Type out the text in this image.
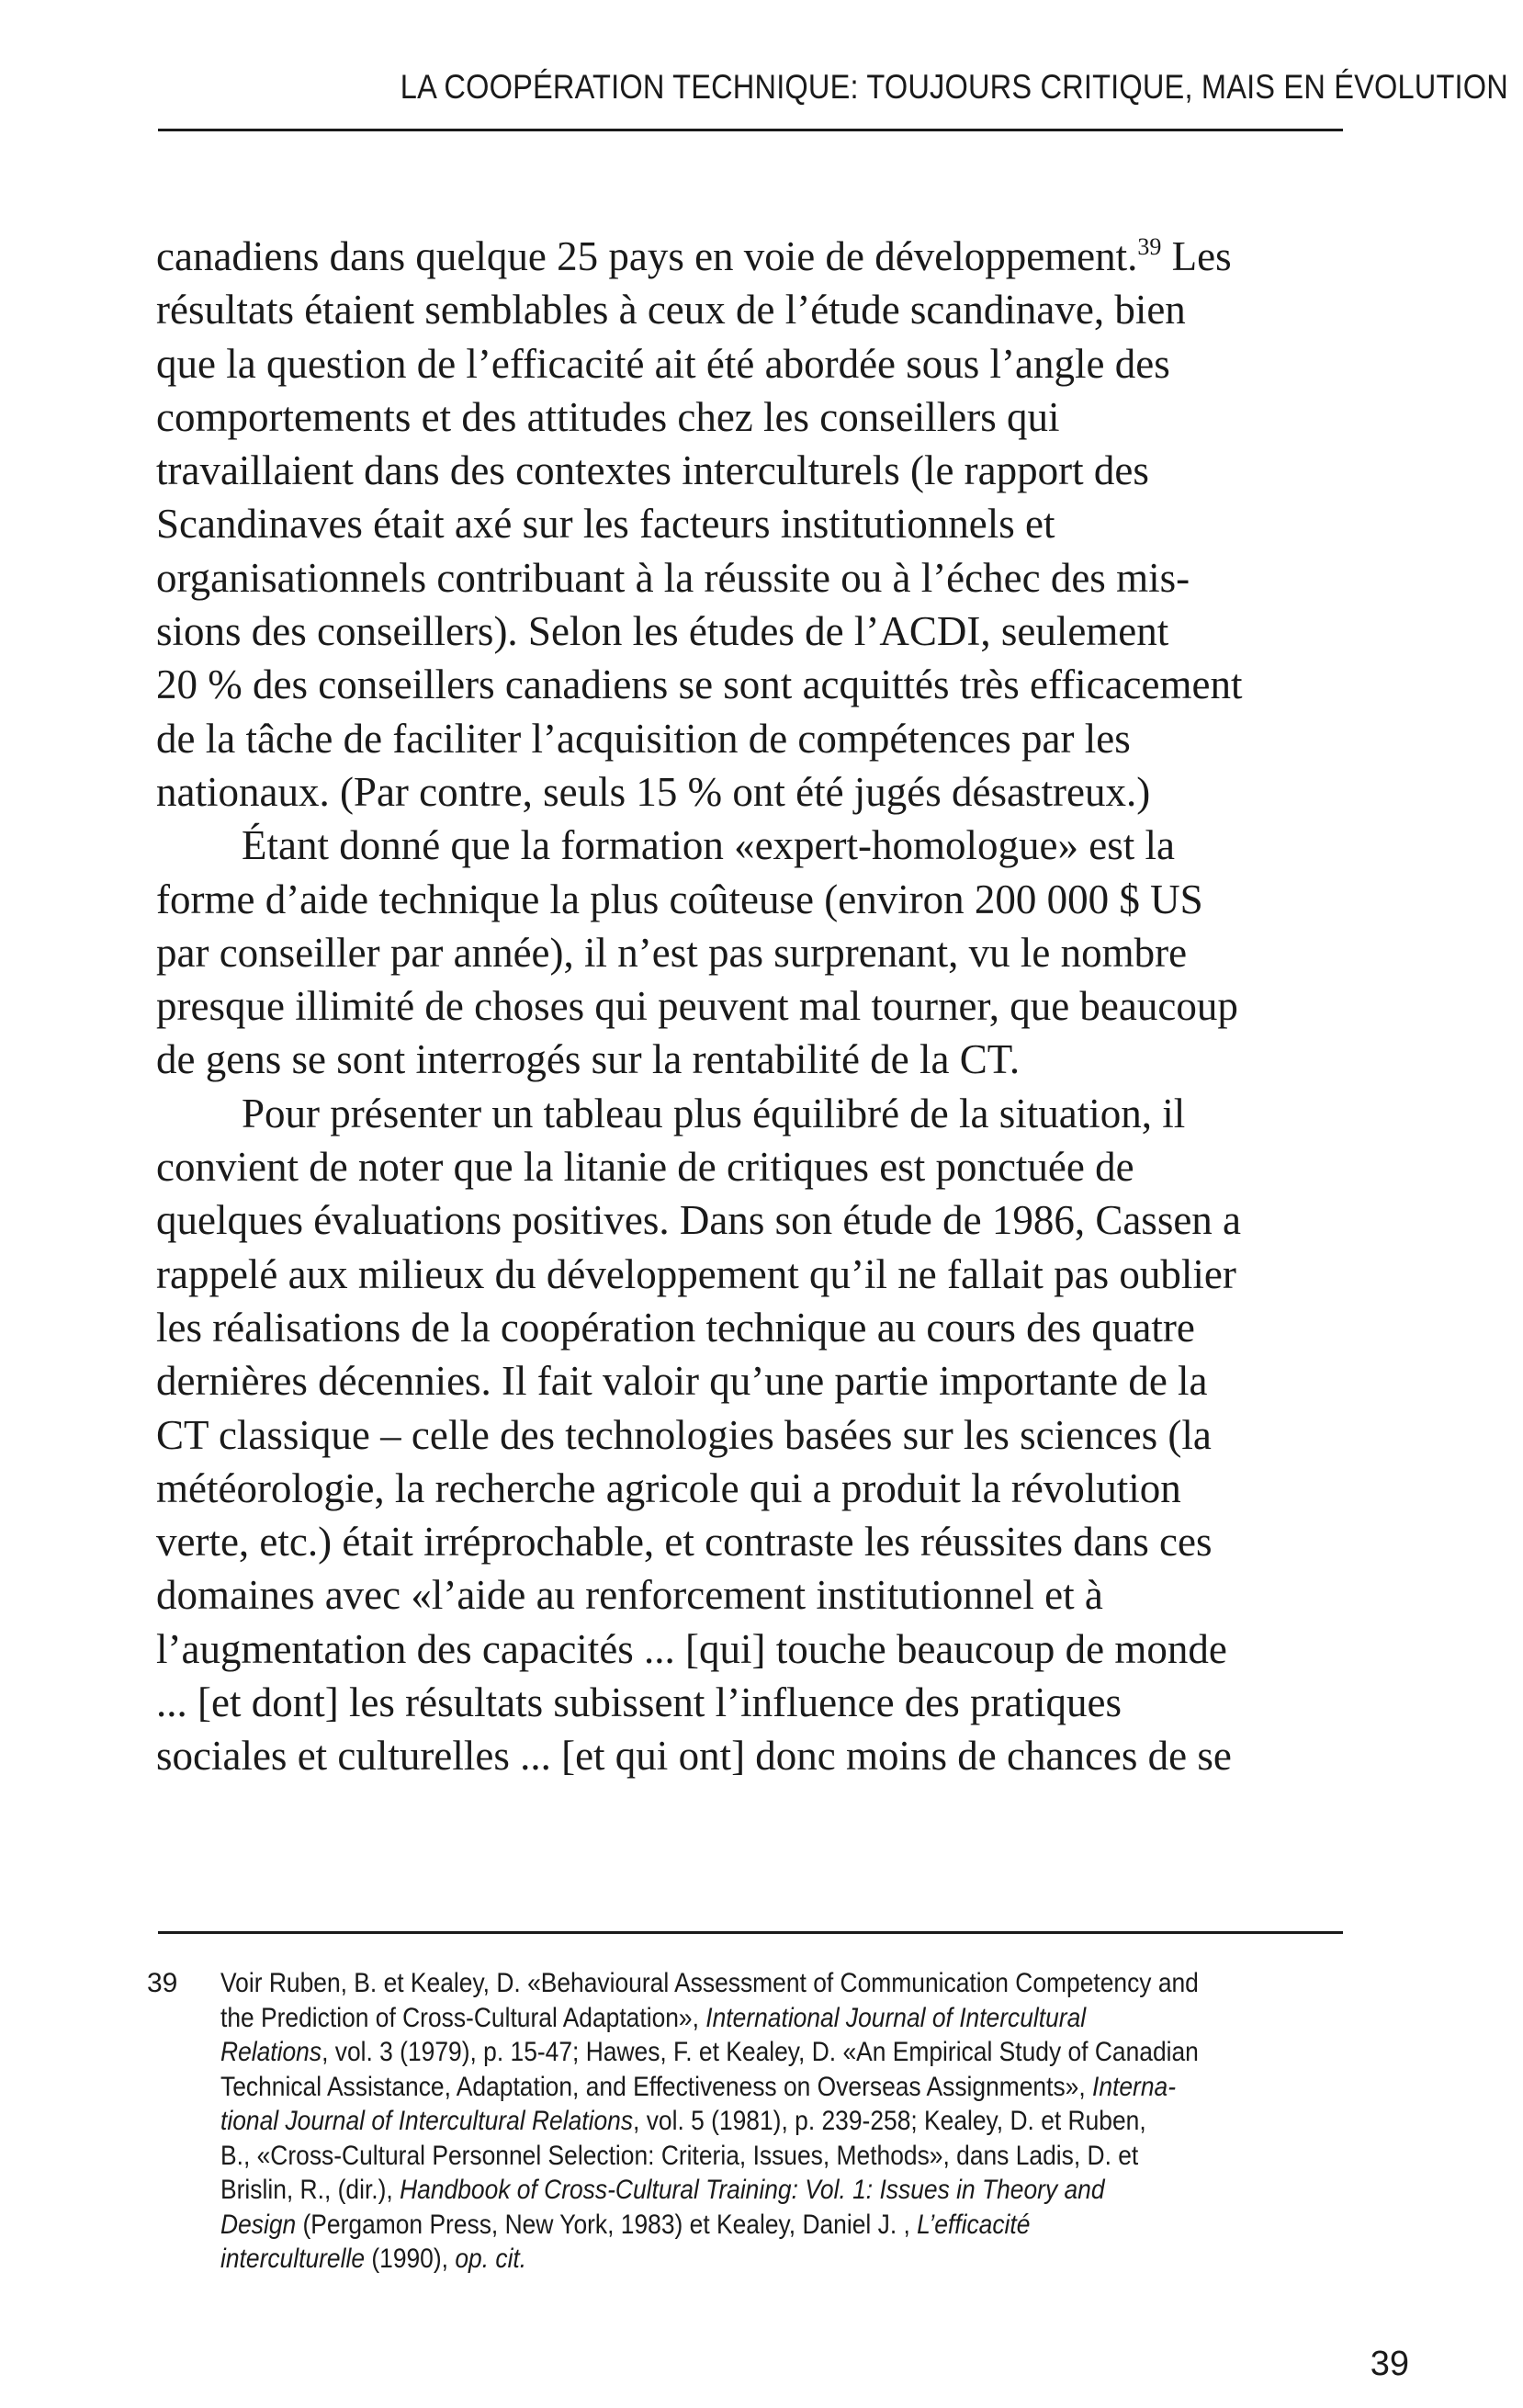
LA COOPÉRATION TECHNIQUE: TOUJOURS CRITIQUE, MAIS EN ÉVOLUTION

canadiens dans quelque 25 pays en voie de développement.$^{39}$ Les
résultats étaient semblables à ceux de l’étude scandinave, bien
que la question de l’efficacité ait été abordée sous l’angle des
comportements et des attitudes chez les conseillers qui
travaillaient dans des contextes interculturels (le rapport des
Scandinaves était axé sur les facteurs institutionnels et
organisationnels contribuant à la réussite ou à l’échec des mis-
sions des conseillers). Selon les études de l’ACDI, seulement
20 % des conseillers canadiens se sont acquittés très efficacement
de la tâche de faciliter l’acquisition de compétences par les
nationaux. (Par contre, seuls 15 % ont été jugés désastreux.)

Étant donné que la formation «expert-homologue» est la
forme d’aide technique la plus coûteuse (environ 200 000 $ US
par conseiller par année), il n’est pas surprenant, vu le nombre
presque illimité de choses qui peuvent mal tourner, que beaucoup
de gens se sont interrogés sur la rentabilité de la CT.

Pour présenter un tableau plus équilibré de la situation, il
convient de noter que la litanie de critiques est ponctuée de
quelques évaluations positives. Dans son étude de 1986, Cassen a
rappelé aux milieux du développement qu’il ne fallait pas oublier
les réalisations de la coopération technique au cours des quatre
dernières décennies. Il fait valoir qu’une partie importante de la
CT classique – celle des technologies basées sur les sciences (la
météorologie, la recherche agricole qui a produit la révolution
verte, etc.) était irréprochable, et contraste les réussites dans ces
domaines avec «l’aide au renforcement institutionnel et à
l’augmentation des capacités ... [qui] touche beaucoup de monde
... [et dont] les résultats subissent l’influence des pratiques
sociales et culturelles ... [et qui ont] donc moins de chances de se

39 Voir Ruben, B. et Kealey, D. «Behavioural Assessment of Communication Competency and
the Prediction of Cross-Cultural Adaptation», International Journal of Intercultural
Relations, vol. 3 (1979), p. 15-47; Hawes, F. et Kealey, D. «An Empirical Study of Canadian
Technical Assistance, Adaptation, and Effectiveness on Overseas Assignments», Interna-
tional Journal of Intercultural Relations, vol. 5 (1981), p. 239-258; Kealey, D. et Ruben,
B., «Cross-Cultural Personnel Selection: Criteria, Issues, Methods», dans Ladis, D. et
Brislin, R., (dir.), Handbook of Cross-Cultural Training: Vol. 1: Issues in Theory and
Design (Pergamon Press, New York, 1983) et Kealey, Daniel J. , L’efficacité
interculturelle (1990), op. cit.
39
